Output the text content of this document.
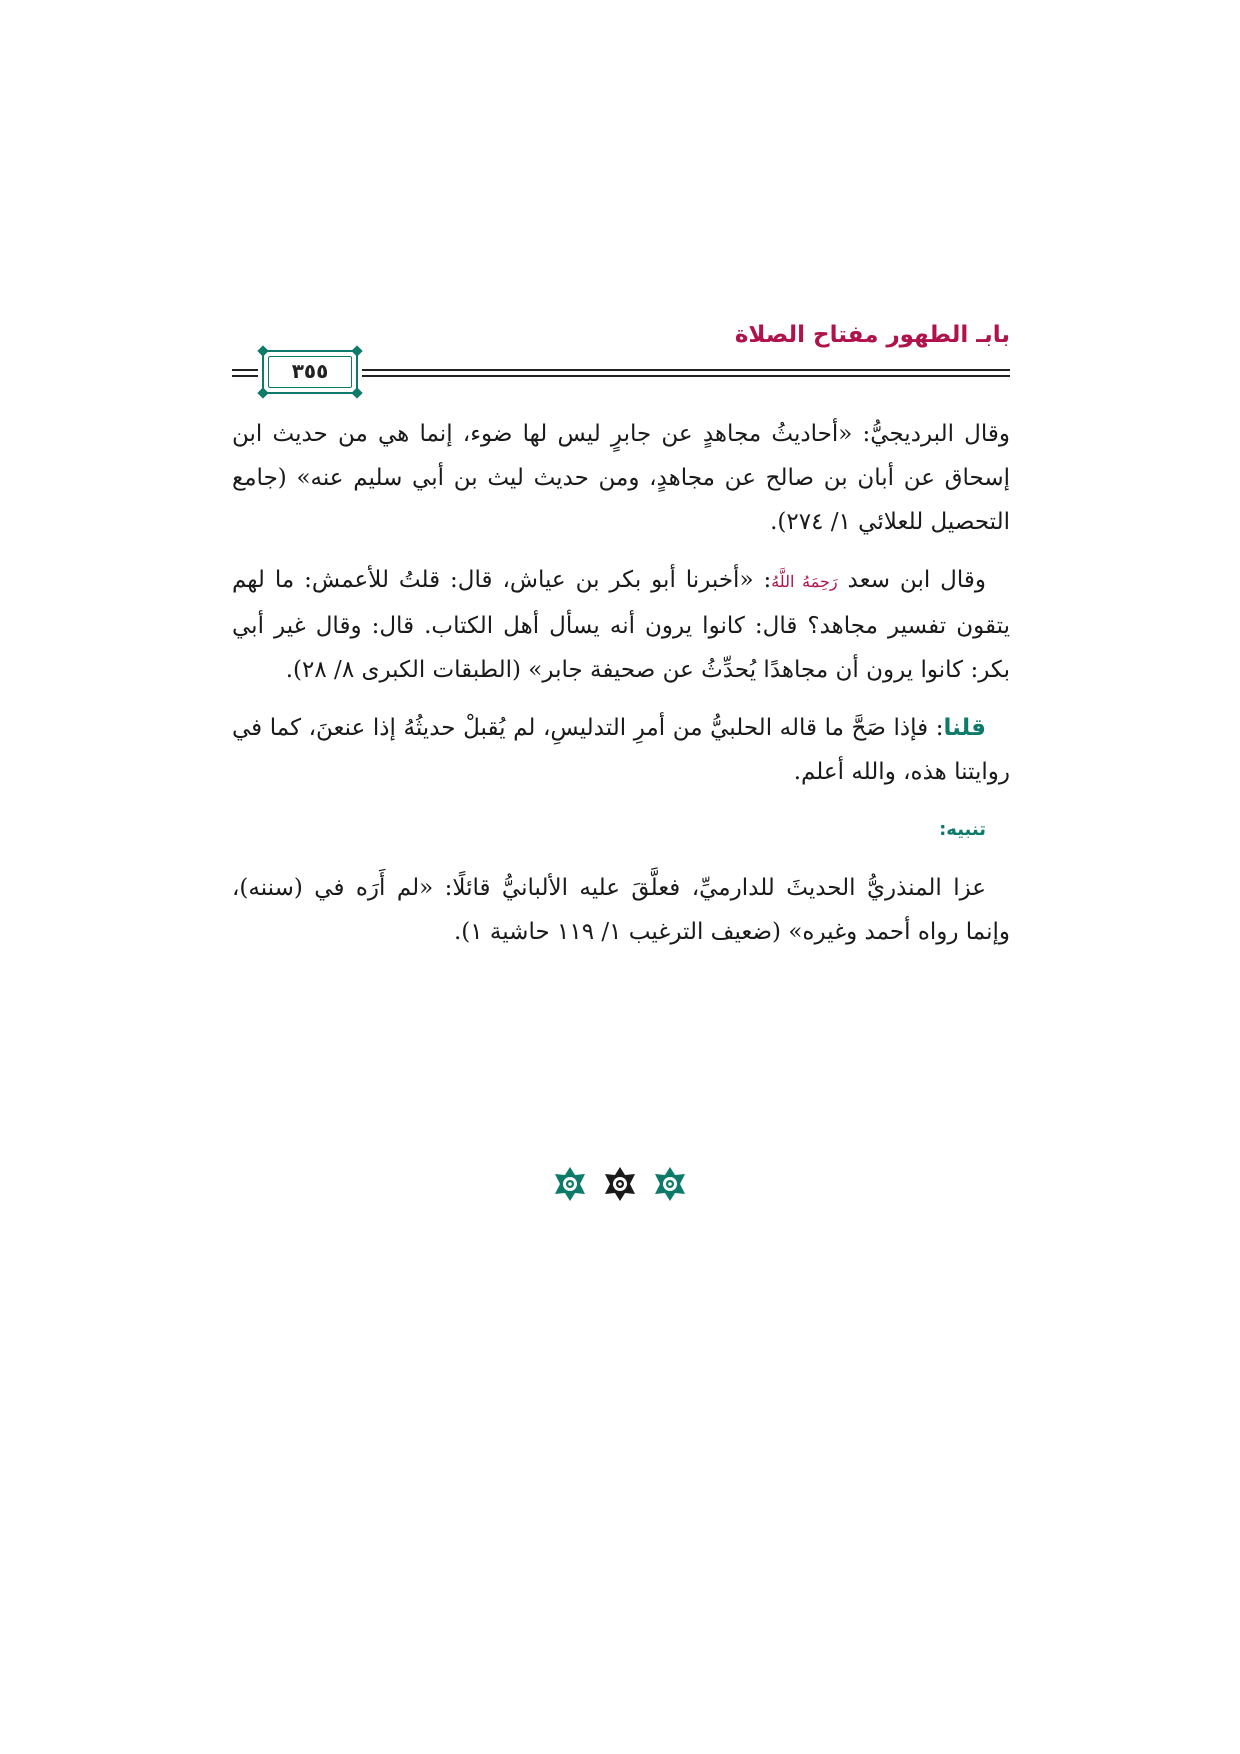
بابـ الطهور مفتاح الصلاة
٣٥٥

وقال البرديجيُّ: «أحاديثُ مجاهدٍ عن جابرٍ ليس لها ضوء، إنما هي من حديث ابن إسحاق عن أبان بن صالح عن مجاهدٍ، ومن حديث ليث بن أبي سليم عنه» (جامع التحصيل للعلائي ١/ ٢٧٤).

وقال ابن سعد رَحِمَهُ اللَّهُ: «أخبرنا أبو بكر بن عياش، قال: قلتُ للأعمش: ما لهم يتقون تفسير مجاهد؟ قال: كانوا يرون أنه يسأل أهل الكتاب. قال: وقال غير أبي بكر: كانوا يرون أن مجاهدًا يُحدِّثُ عن صحيفة جابر» (الطبقات الكبرى ٨/ ٢٨).

قلنا: فإذا صَحَّ ما قاله الحلبيُّ من أمرِ التدليسِ، لم يُقبلْ حديثُهُ إذا عنعنَ، كما في روايتنا هذه، والله أعلم.

تنبيه:

عزا المنذريُّ الحديثَ للدارميِّ، فعلَّقَ عليه الألبانيُّ قائلًا: «لم أَرَه في (سننه)، وإنما رواه أحمد وغيره» (ضعيف الترغيب ١/ ١١٩ حاشية ١).
